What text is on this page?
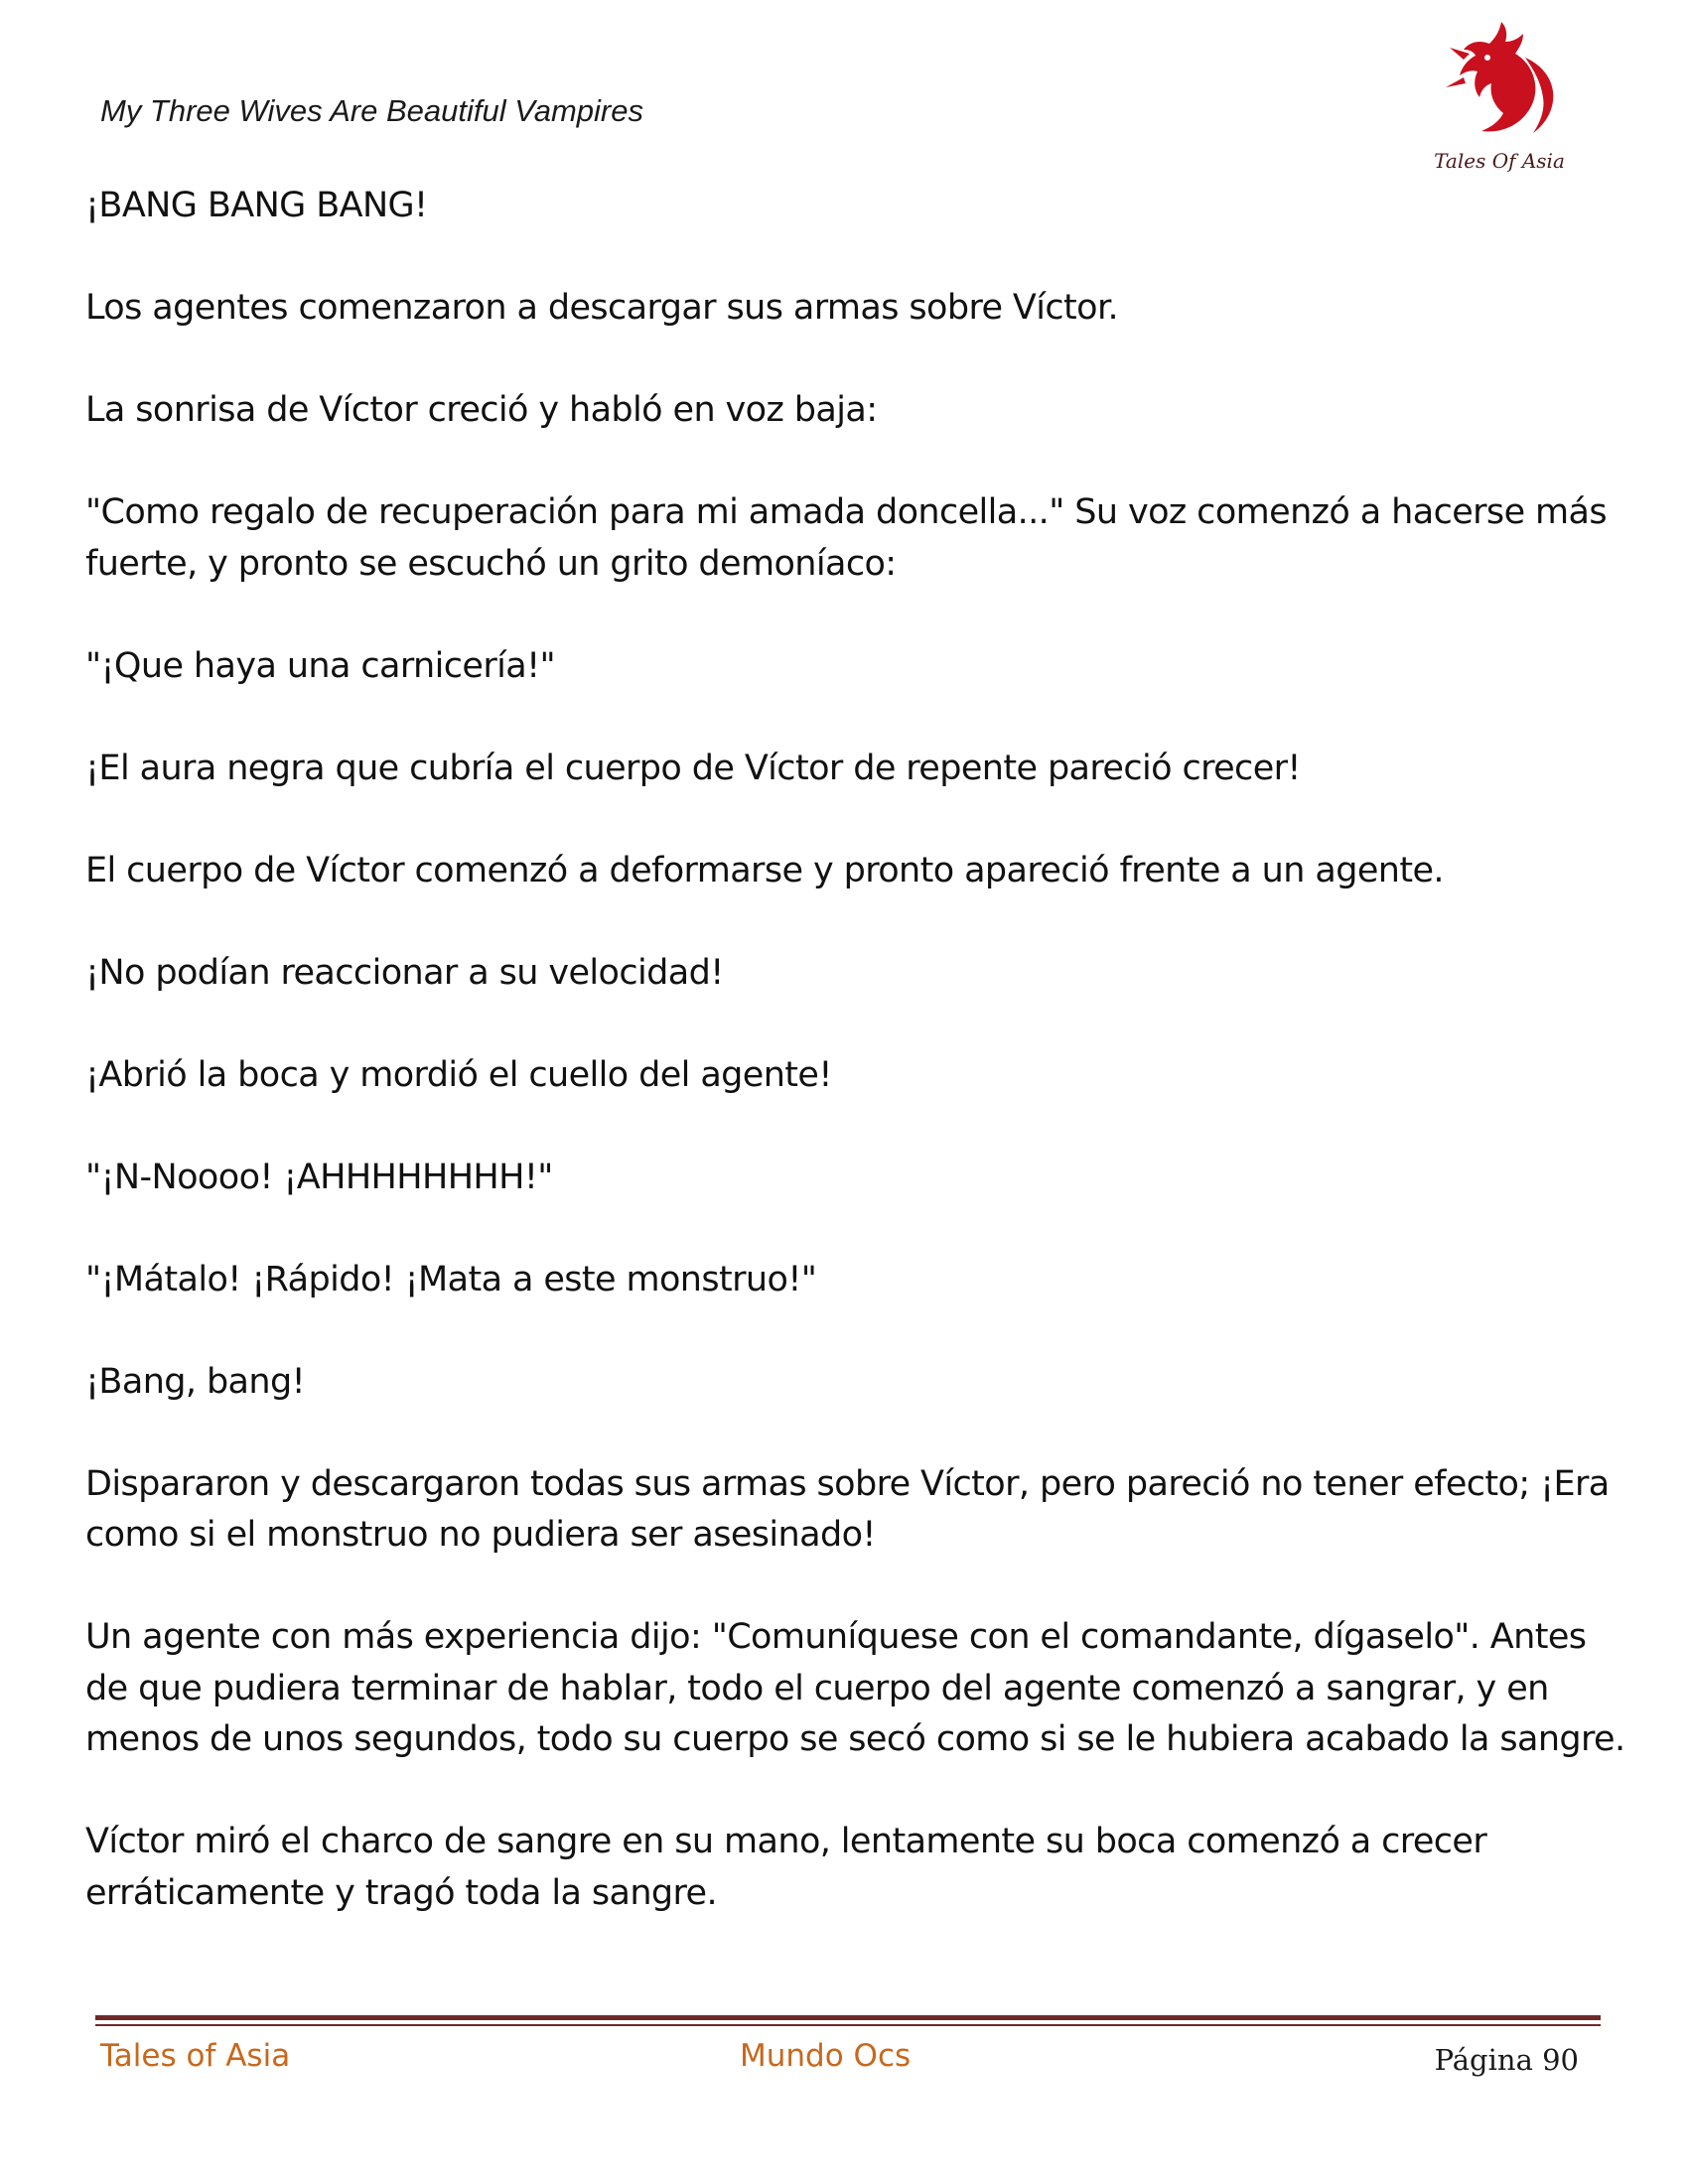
My Three Wives Are Beautiful Vampires
Tales Of Asia

¡BANG BANG BANG!

Los agentes comenzaron a descargar sus armas sobre Víctor.

La sonrisa de Víctor creció y habló en voz baja:

"Como regalo de recuperación para mi amada doncella..." Su voz comenzó a hacerse más fuerte, y pronto se escuchó un grito demoníaco:

"¡Que haya una carnicería!"

¡El aura negra que cubría el cuerpo de Víctor de repente pareció crecer!

El cuerpo de Víctor comenzó a deformarse y pronto apareció frente a un agente.

¡No podían reaccionar a su velocidad!

¡Abrió la boca y mordió el cuello del agente!

"¡N-Noooo! ¡AHHHHHHHH!"

"¡Mátalo! ¡Rápido! ¡Mata a este monstruo!"

¡Bang, bang!

Dispararon y descargaron todas sus armas sobre Víctor, pero pareció no tener efecto; ¡Era como si el monstruo no pudiera ser asesinado!

Un agente con más experiencia dijo: "Comuníquese con el comandante, dígaselo". Antes de que pudiera terminar de hablar, todo el cuerpo del agente comenzó a sangrar, y en menos de unos segundos, todo su cuerpo se secó como si se le hubiera acabado la sangre.

Víctor miró el charco de sangre en su mano, lentamente su boca comenzó a crecer erráticamente y tragó toda la sangre.

Tales of Asia	Mundo Ocs	Página 90
